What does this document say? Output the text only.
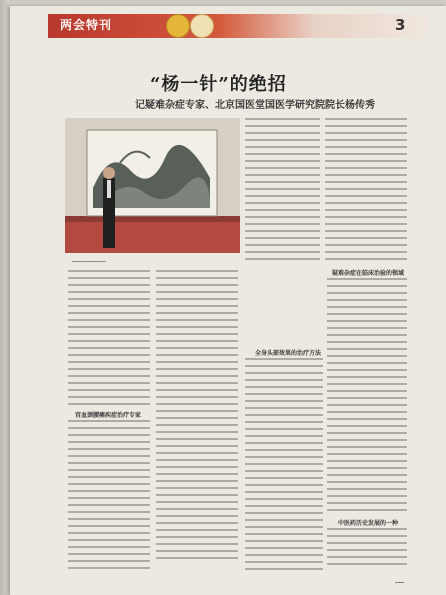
两会特刊	3
“杨一针”的绝招
记疑难杂症专家、北京国医堂国医学研究院院长杨传秀
▁▁▁▁▁▁▁▁▁▁▁
宫血颈腰痛疾症治疗专家
全身头部效果的治疗方法
疑难杂症在临床治验的领域
中医药历史发展的一种
▁▁▁
